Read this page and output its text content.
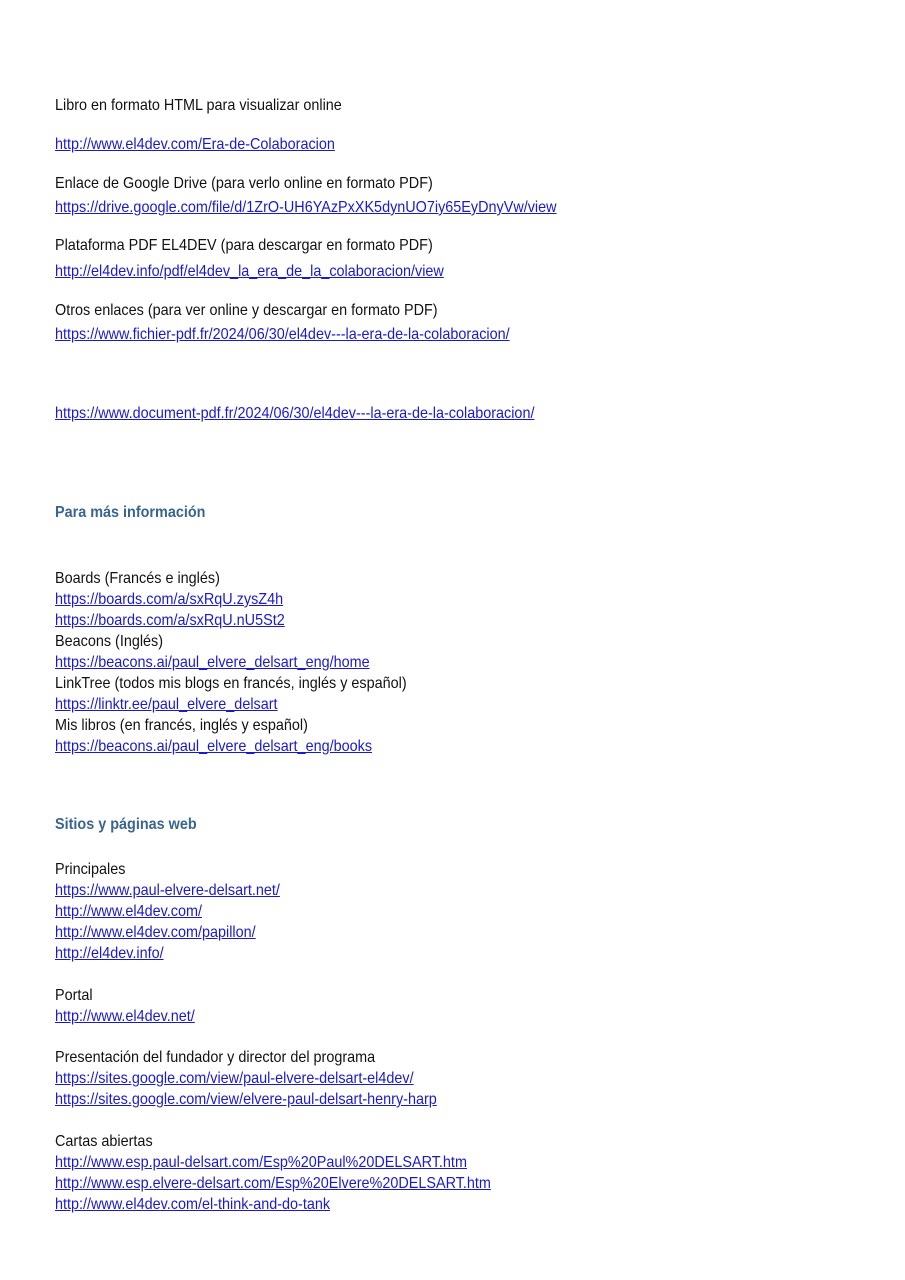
Libro en formato HTML para visualizar online
http://www.el4dev.com/Era-de-Colaboracion
Enlace de Google Drive (para verlo online en formato PDF)
https://drive.google.com/file/d/1ZrO-UH6YAzPxXK5dynUO7iy65EyDnyVw/view
Plataforma PDF EL4DEV (para descargar en formato PDF)
http://el4dev.info/pdf/el4dev_la_era_de_la_colaboracion/view
Otros enlaces (para ver online y descargar en formato PDF)
https://www.fichier-pdf.fr/2024/06/30/el4dev---la-era-de-la-colaboracion/
https://www.document-pdf.fr/2024/06/30/el4dev---la-era-de-la-colaboracion/
Para más información
Boards (Francés e inglés)
https://boards.com/a/sxRqU.zysZ4h
https://boards.com/a/sxRqU.nU5St2
Beacons (Inglés)
https://beacons.ai/paul_elvere_delsart_eng/home
LinkTree (todos mis blogs en francés, inglés y español)
https://linktr.ee/paul_elvere_delsart
Mis libros (en francés, inglés y español)
https://beacons.ai/paul_elvere_delsart_eng/books
Sitios y páginas web
Principales
https://www.paul-elvere-delsart.net/
http://www.el4dev.com/
http://www.el4dev.com/papillon/
http://el4dev.info/
Portal
http://www.el4dev.net/
Presentación del fundador y director del programa
https://sites.google.com/view/paul-elvere-delsart-el4dev/
https://sites.google.com/view/elvere-paul-delsart-henry-harp
Cartas abiertas
http://www.esp.paul-delsart.com/Esp%20Paul%20DELSART.htm
http://www.esp.elvere-delsart.com/Esp%20Elvere%20DELSART.htm
http://www.el4dev.com/el-think-and-do-tank
